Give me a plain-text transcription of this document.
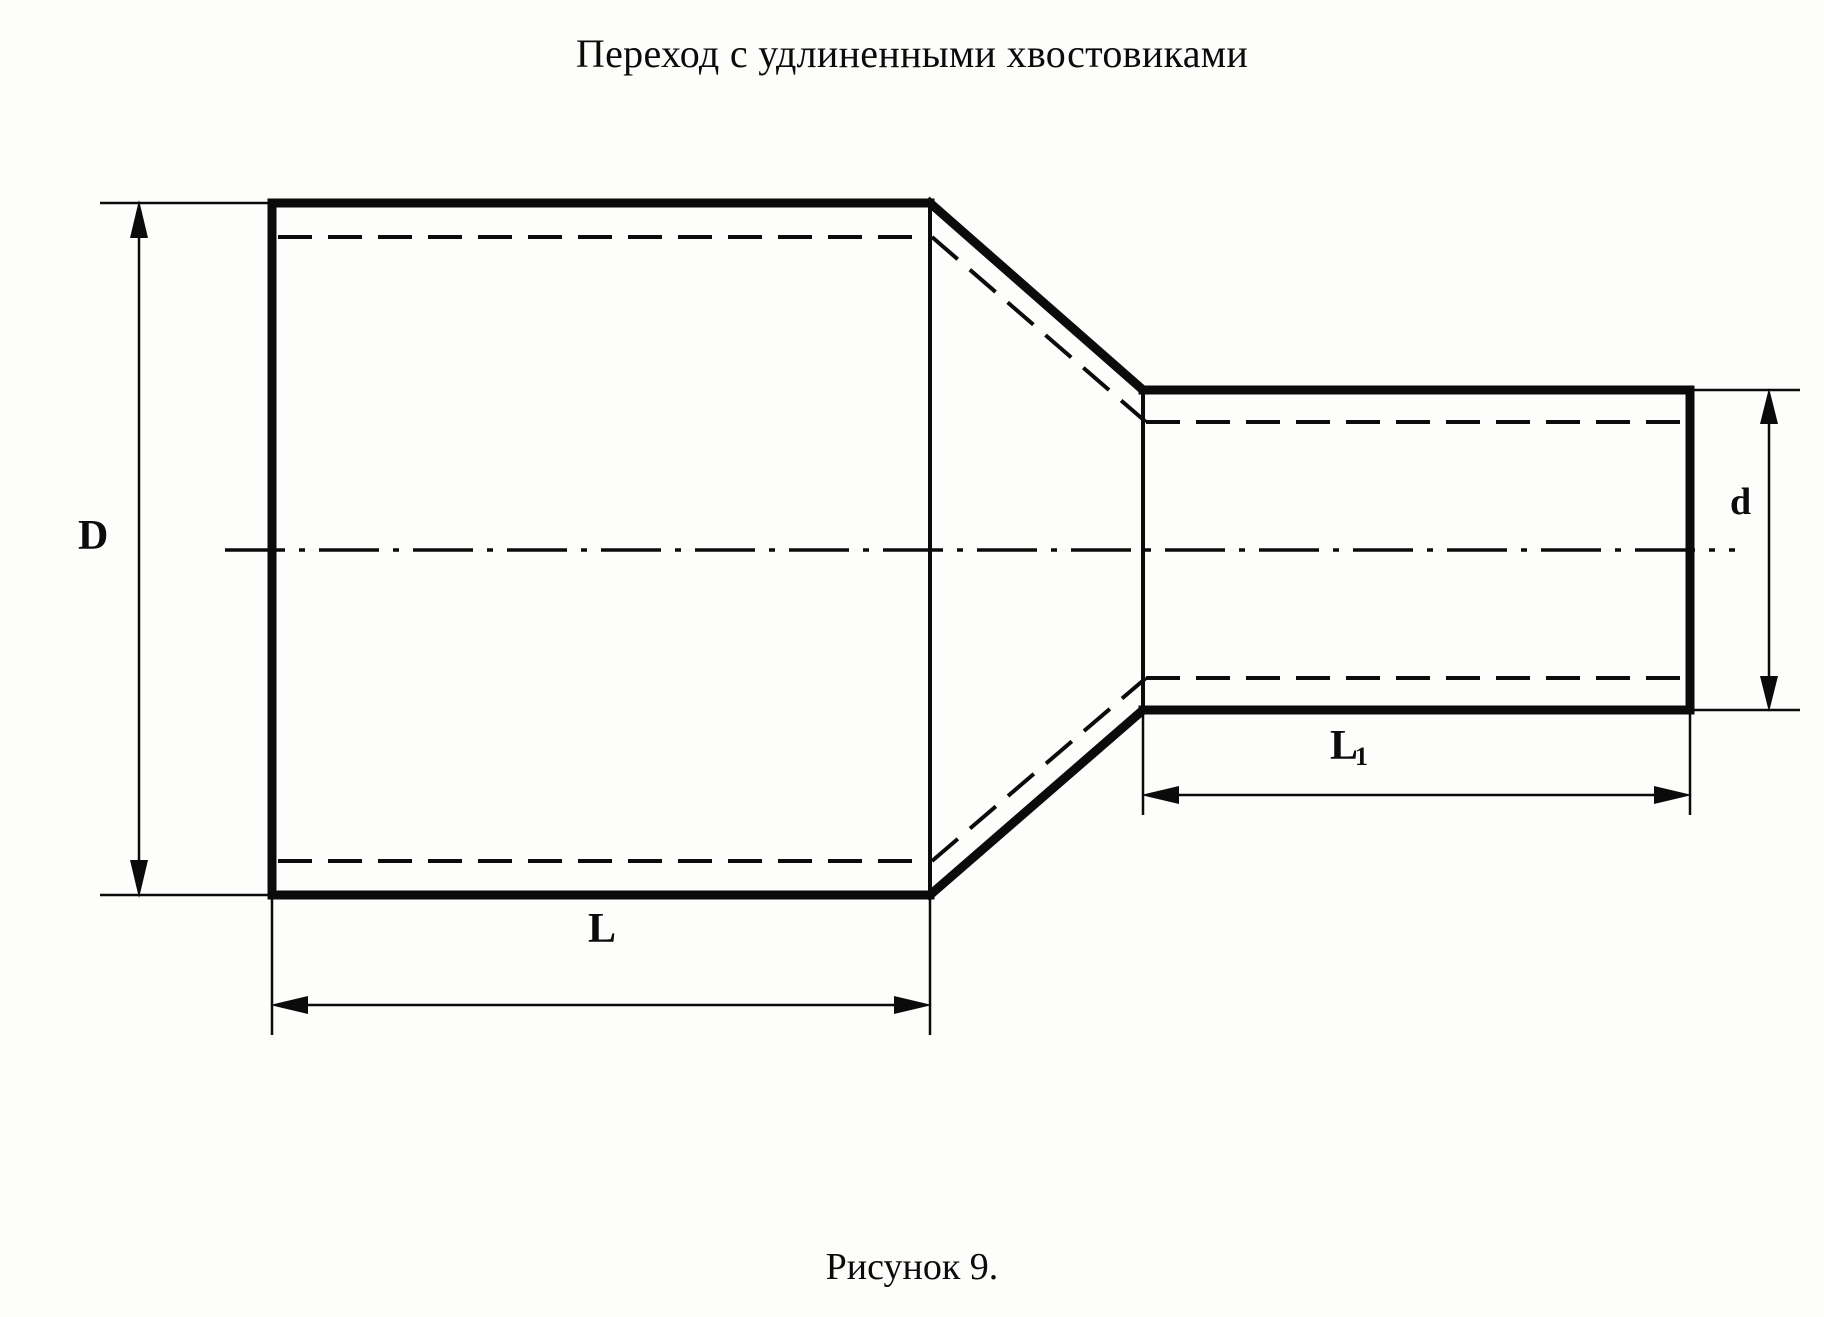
Переход с удлиненными хвостовиками
D
d
L
L1
Рисунок 9.
